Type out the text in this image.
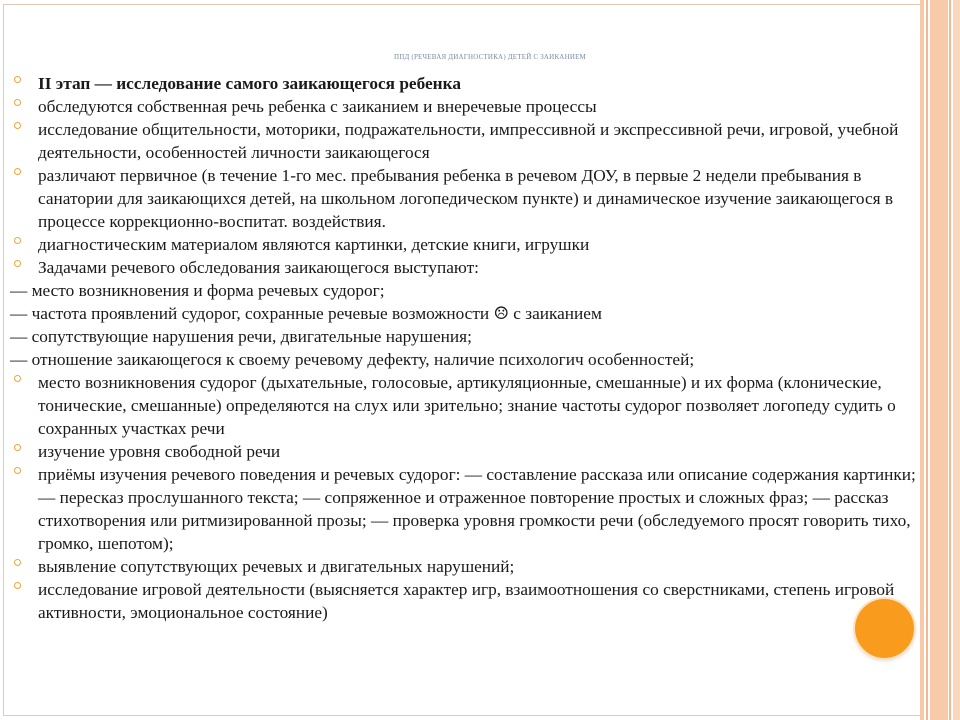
ППД (РЕЧЕВАЯ ДИАГНОСТИКА) ДЕТЕЙ С ЗАИКАНИЕМ
II этап — исследование самого заикающегося ребенка
обследуются собственная речь ребенка с заиканием и внеречевые процессы
исследование общительности, моторики, подражательности, импрессивной и экспрессивной речи, игровой, учебной деятельности, особенностей личности заикающегося
различают первичное (в течение 1-го мес. пребывания ребенка в речевом ДОУ, в первые 2 недели пребывания в санатории для заикающихся детей, на школьном логопедическом пункте) и динамическое изучение заикающегося в процессе коррекционно-воспитат. воздействия.
диагностическим материалом являются картинки, детские книги, игрушки
Задачами речевого обследования заикающегося выступают:
— место возникновения и форма речевых судорог;
— частота проявлений судорог, сохранные речевые возможности ☹ с заиканием
— сопутствующие нарушения речи, двигательные нарушения;
— отношение заикающегося к своему речевому дефекту, наличие психологич особенностей;
место возникновения судорог (дыхательные, голосовые, артикуляционные, смешанные) и их форма (клонические, тонические, смешанные) определяются на слух или зрительно; знание частоты судорог позволяет логопеду судить о сохранных участках речи
изучение уровня свободной речи
приёмы изучения речевого поведения и речевых судорог: — составление рассказа или описание содержания картинки; — пересказ прослушанного текста; — сопряженное и отраженное повторение простых и сложных фраз; — рассказ стихотворения или ритмизированной прозы; — проверка уровня громкости речи (обследуемого просят говорить тихо, громко, шепотом);
выявление сопутствующих речевых и двигательных нарушений;
исследование игровой деятельности (выясняется характер игр, взаимоотношения со сверстниками, степень игровой активности, эмоциональное состояние)
